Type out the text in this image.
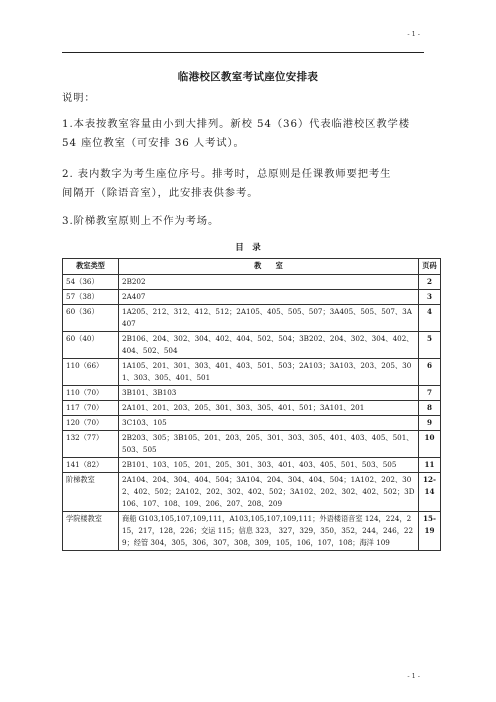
- 1 -
临港校区教室考试座位安排表
说明：
1.本表按教室容量由小到大排列。新校 54（36）代表临港校区教学楼
54 座位教室（可安排 36 人考试）。
2. 表内数字为考生座位序号。排考时，总原则是任课教师要把考生
间隔开（除语音室），此安排表供参考。
3.阶梯教室原则上不作为考场。
目　录
教室类型	教　　室	页码
54（36）	2B202	2
57（38）	2A407	3
60（36）	1A205、212、312、412、512；2A105、405、505、507；3A405、505、507、3A407	4
60（40）	2B106、204、302、304、402、404、502、504；3B202、204、302、304、402、404、502、504	5
110（66）	1A105、201、301、303、401、403、501、503；2A103；3A103、203、205、301、303、305、401、501	6
110（70）	3B101、3B103	7
117（70）	2A101、201、203、205、301、303、305、401、501；3A101、201	8
120（70）	3C103、105	9
132（77）	2B203、305；3B105、201、203、205、301、303、305、401、403、405、501、503、505	10
141（82）	2B101、103、105、201、205、301、303、401、403、405、501、503、505	11
阶梯教室	2A104、204、304、404、504；3A104、204、304、404、504；1A102、202、302、402、502；2A102、202、302、402、502；3A102、202、302、402、502；3D106、107、108、109、206、207、208、209	12-14
学院楼教室	商船 G103,105,107,109,111，A103,105,107,109,111；外语楼语音室 124，224，215，217，128，226；交运 115；信息 323， 327，329，350，352，244，246，229；经管 304，305，306，307，308，309，105，106，107，108；海洋 109	15-19
- 1 -
